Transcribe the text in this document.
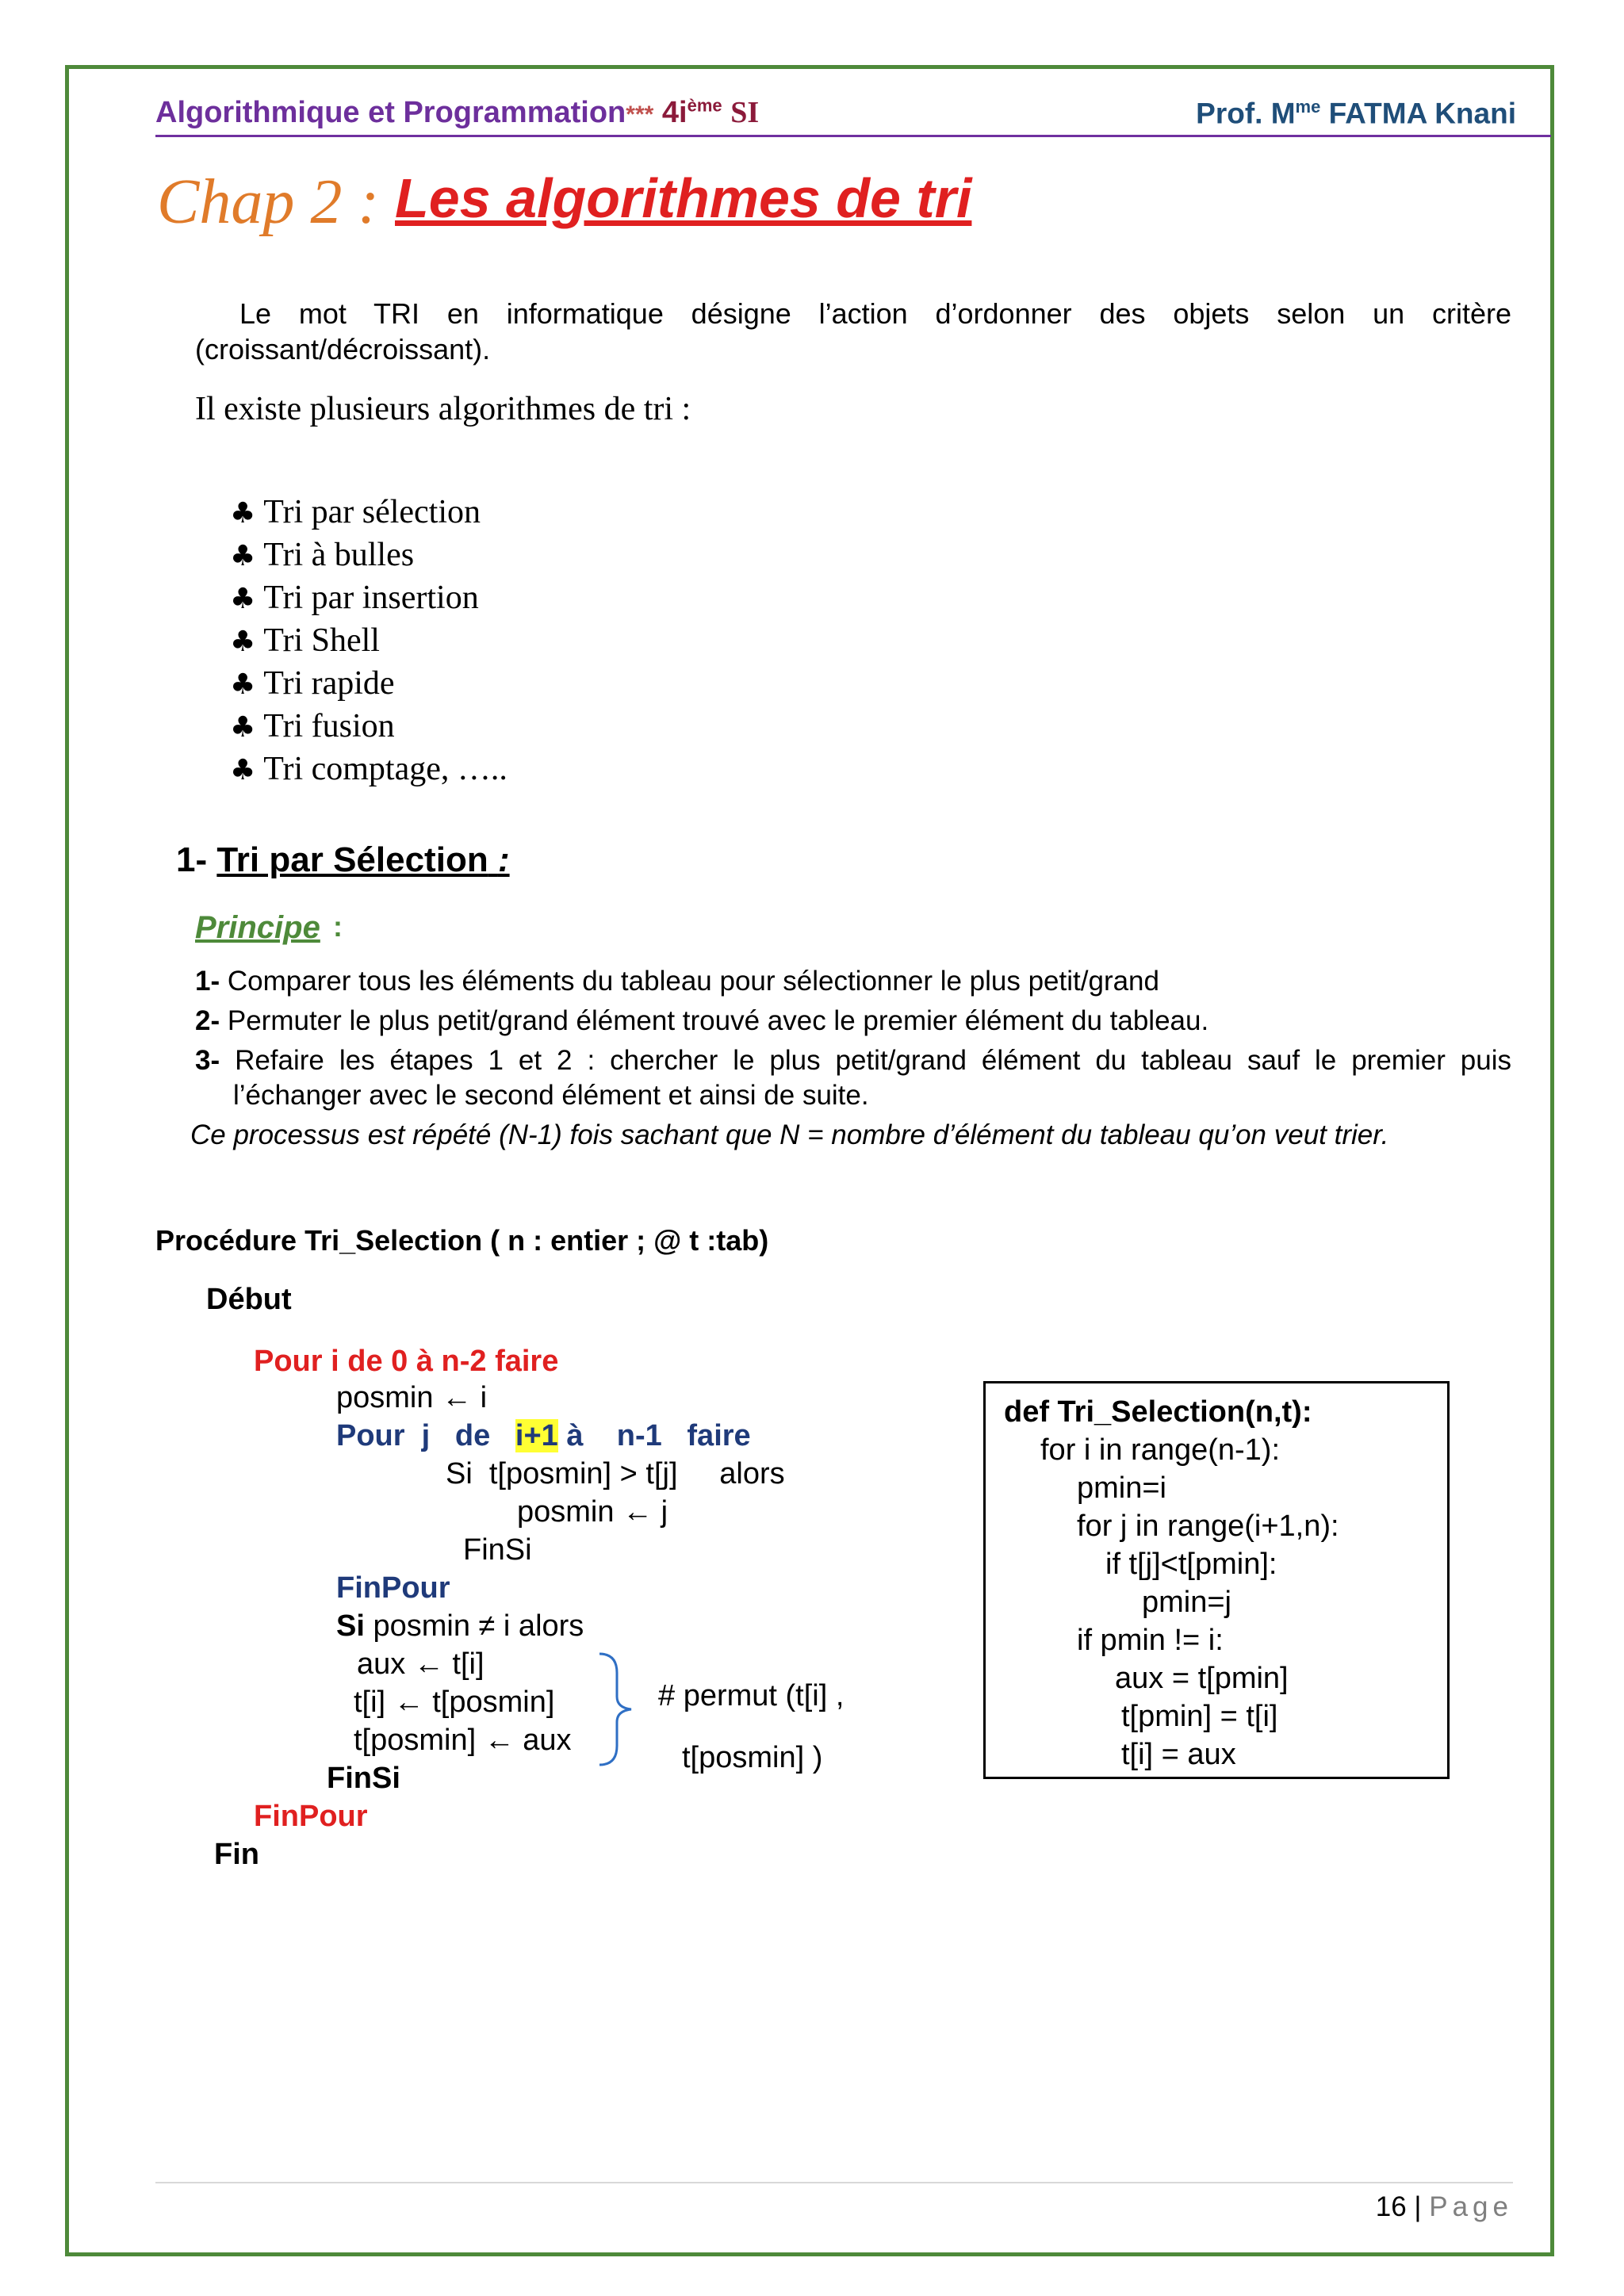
Algorithmique et Programmation*** $4i^{ème}$ SI	Prof. $M^{me}$ FATMA Knani
Chap 2 : Les algorithmes de tri
Le mot TRI en informatique désigne l’action d’ordonner des objets selon un critère
(croissant/décroissant).
Il existe plusieurs algorithmes de tri :
♣ Tri par sélection
♣ Tri à bulles
♣ Tri par insertion
♣ Tri Shell
♣ Tri rapide
♣ Tri fusion
♣ Tri comptage, …..
1- Tri par Sélection :
Principe :
1- Comparer tous les éléments du tableau pour sélectionner le plus petit/grand
2- Permuter le plus petit/grand élément trouvé avec le premier élément du tableau.
3- Refaire les étapes 1 et 2 : chercher le plus petit/grand élément du tableau sauf le premier puis
l’échanger avec le second élément et ainsi de suite.
Ce processus est répété (N-1) fois sachant que N = nombre d’élément du tableau qu’on veut trier.
Procédure Tri_Selection ( n : entier ; @ t :tab)
Début
Pour i de 0 à n-2 faire
posmin ← i
Pour  j   de   i+1 à    n-1   faire
Si  t[posmin] > t[j]     alors
posmin ← j
FinSi
FinPour
Si posmin ≠ i alors
aux ← t[i]
t[i] ← t[posmin]
t[posmin] ← aux
FinSi
FinPour
Fin
# permut (t[i] ,
t[posmin] )
def Tri_Selection(n,t):
for i in range(n-1):
pmin=i
for j in range(i+1,n):
if t[j]<t[pmin]:
pmin=j
if pmin != i:
aux = t[pmin]
t[pmin] = t[i]
t[i] = aux
16 | Page
